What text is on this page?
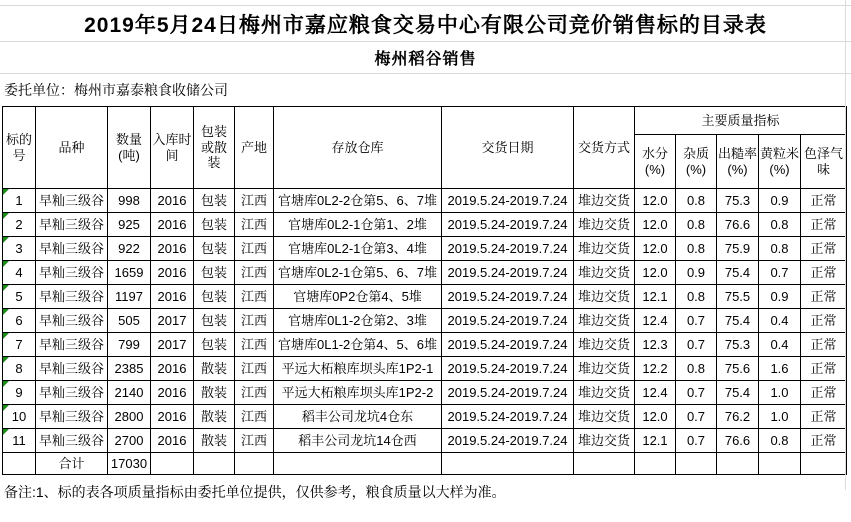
2019年5月24日梅州市嘉应粮食交易中心有限公司竞价销售标的目录表
梅州稻谷销售
委托单位：梅州市嘉泰粮食收储公司
标的号	品种	数量(吨)	入库时间	包装或散装	产地	存放仓库	交货日期	交货方式	主要质量指标				
									水分(%)	杂质(%)	出糙率(%)	黄粒米(%)	色泽气味
1	早籼三级谷	998	2016	包装	江西	官塘库0L2-2仓第5、6、7堆	2019.5.24-2019.7.24	堆边交货	12.0	0.8	75.3	0.9	正常
2	早籼三级谷	925	2016	包装	江西	官塘库0L2-1仓第1、2堆	2019.5.24-2019.7.24	堆边交货	12.0	0.8	76.6	0.8	正常
3	早籼三级谷	922	2016	包装	江西	官塘库0L2-1仓第3、4堆	2019.5.24-2019.7.24	堆边交货	12.0	0.8	75.9	0.8	正常
4	早籼三级谷	1659	2016	包装	江西	官塘库0L2-1仓第5、6、7堆	2019.5.24-2019.7.24	堆边交货	12.0	0.9	75.4	0.7	正常
5	早籼三级谷	1197	2016	包装	江西	官塘库0P2仓第4、5堆	2019.5.24-2019.7.24	堆边交货	12.1	0.8	75.5	0.9	正常
6	早籼三级谷	505	2017	包装	江西	官塘库0L1-2仓第2、3堆	2019.5.24-2019.7.24	堆边交货	12.4	0.7	75.4	0.4	正常
7	早籼三级谷	799	2017	包装	江西	官塘库0L1-2仓第4、5、6堆	2019.5.24-2019.7.24	堆边交货	12.3	0.7	75.3	0.4	正常
8	早籼三级谷	2385	2016	散装	江西	平远大柘粮库坝头库1P2-1	2019.5.24-2019.7.24	堆边交货	12.2	0.8	75.6	1.6	正常
9	早籼三级谷	2140	2016	散装	江西	平远大柘粮库坝头库1P2-2	2019.5.24-2019.7.24	堆边交货	12.4	0.7	75.4	1.0	正常
10	早籼三级谷	2800	2016	散装	江西	稻丰公司龙坑4仓东	2019.5.24-2019.7.24	堆边交货	12.0	0.7	76.2	1.0	正常
11	早籼三级谷	2700	2016	散装	江西	稻丰公司龙坑14仓西	2019.5.24-2019.7.24	堆边交货	12.1	0.7	76.6	0.8	正常
	合计	17030											
备注:1、标的表各项质量指标由委托单位提供，仅供参考，粮食质量以大样为准。
